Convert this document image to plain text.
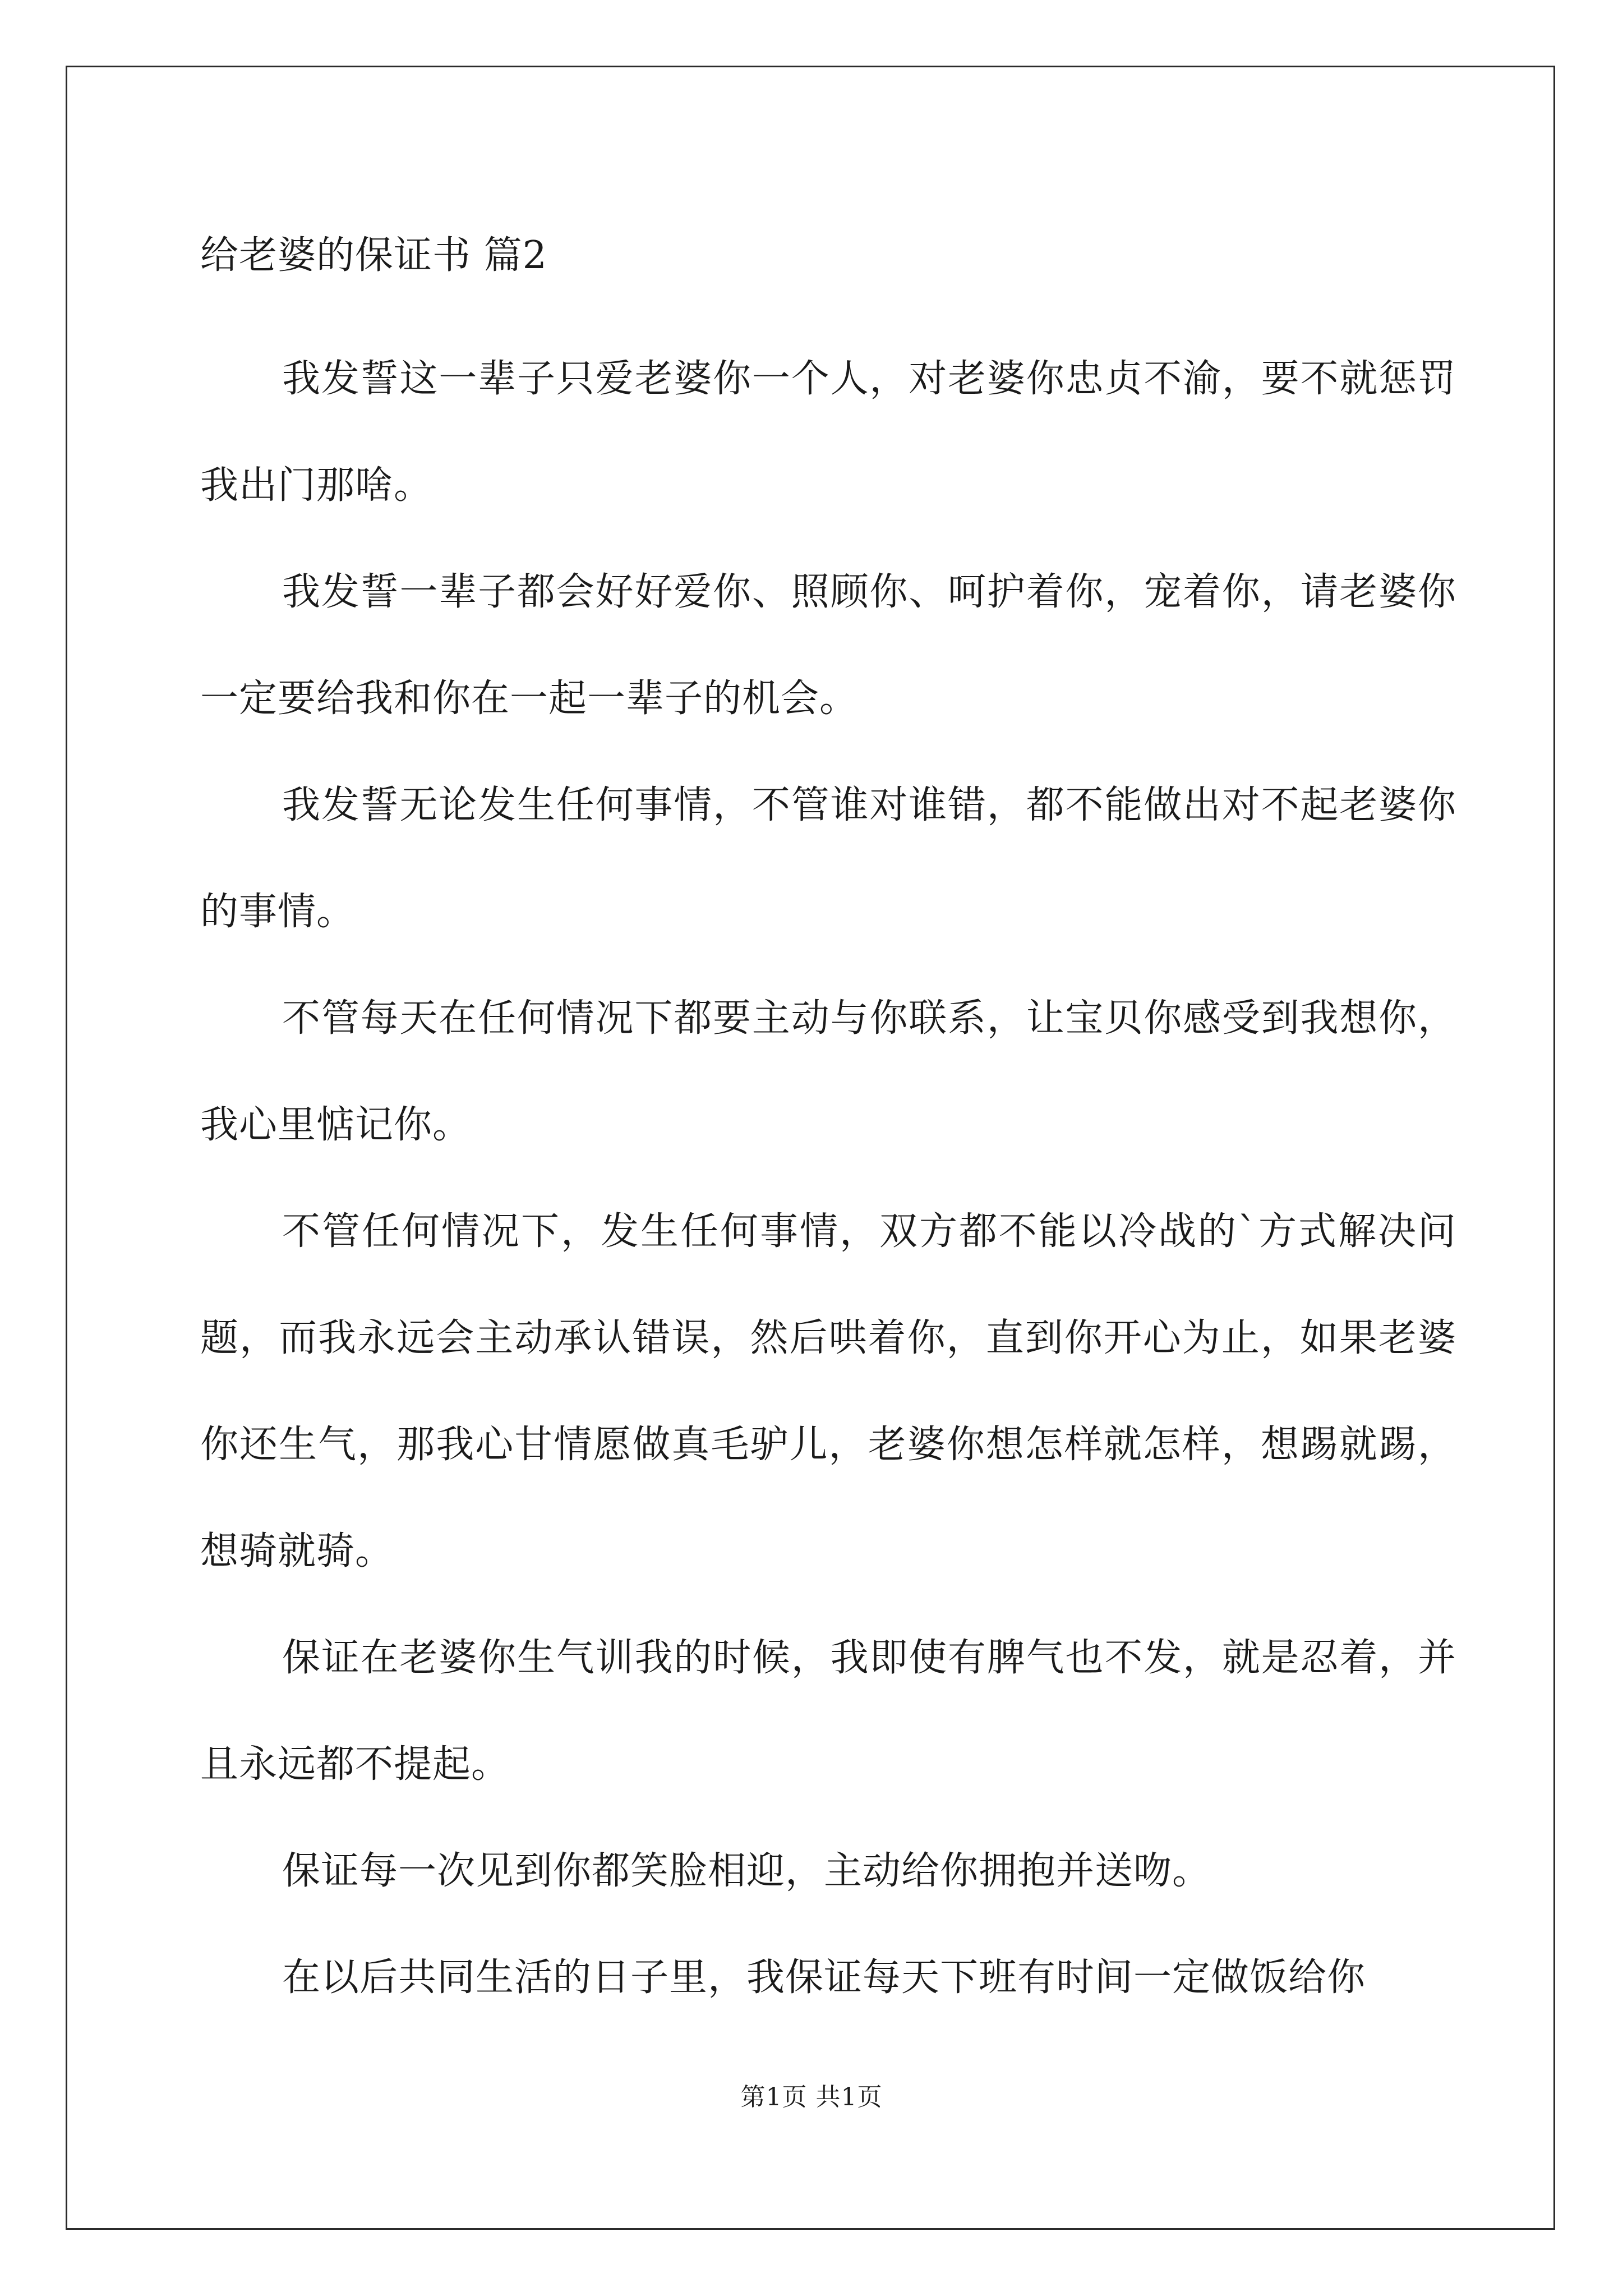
给老婆的保证书 篇2

我发誓这一辈子只爱老婆你一个人，对老婆你忠贞不渝，要不就惩罚我出门那啥。

我发誓一辈子都会好好爱你、照顾你、呵护着你，宠着你，请老婆你一定要给我和你在一起一辈子的机会。

我发誓无论发生任何事情，不管谁对谁错，都不能做出对不起老婆你的事情。

不管每天在任何情况下都要主动与你联系，让宝贝你感受到我想你，我心里惦记你。

不管任何情况下，发生任何事情，双方都不能以冷战的`方式解决问题，而我永远会主动承认错误，然后哄着你，直到你开心为止，如果老婆你还生气，那我心甘情愿做真毛驴儿，老婆你想怎样就怎样，想踢就踢，想骑就骑。

保证在老婆你生气训我的时候，我即使有脾气也不发，就是忍着，并且永远都不提起。

保证每一次见到你都笑脸相迎，主动给你拥抱并送吻。

在以后共同生活的日子里，我保证每天下班有时间一定做饭给你

第1页 共1页
